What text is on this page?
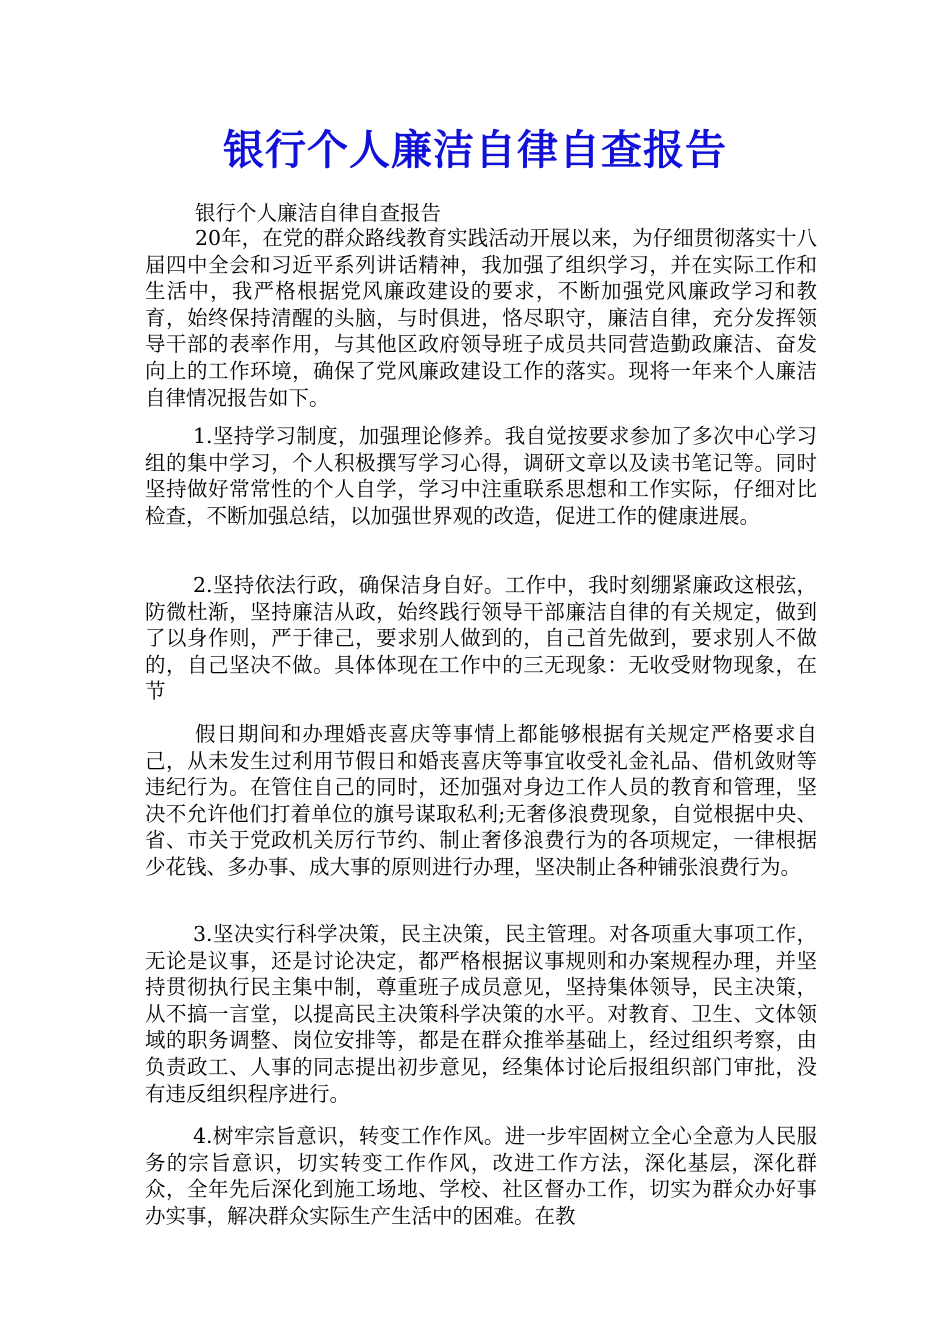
银行个人廉洁自律自查报告

银行个人廉洁自律自查报告

20年，在党的群众路线教育实践活动开展以来，为仔细贯彻落实十八届四中全会和习近平系列讲话精神，我加强了组织学习，并在实际工作和生活中，我严格根据党风廉政建设的要求，不断加强党风廉政学习和教育，始终保持清醒的头脑，与时俱进，恪尽职守，廉洁自律，充分发挥领导干部的表率作用，与其他区政府领导班子成员共同营造勤政廉洁、奋发向上的工作环境，确保了党风廉政建设工作的落实。现将一年来个人廉洁自律情况报告如下。

1.坚持学习制度，加强理论修养。我自觉按要求参加了多次中心学习组的集中学习，个人积极撰写学习心得，调研文章以及读书笔记等。同时坚持做好常常性的个人自学，学习中注重联系思想和工作实际，仔细对比检查，不断加强总结，以加强世界观的改造，促进工作的健康进展。

2.坚持依法行政，确保洁身自好。工作中，我时刻绷紧廉政这根弦，防微杜渐，坚持廉洁从政，始终践行领导干部廉洁自律的有关规定，做到了以身作则，严于律己，要求别人做到的，自己首先做到，要求别人不做的，自己坚决不做。具体体现在工作中的三无现象：无收受财物现象，在节

假日期间和办理婚丧喜庆等事情上都能够根据有关规定严格要求自己，从未发生过利用节假日和婚丧喜庆等事宜收受礼金礼品、借机敛财等违纪行为。在管住自己的同时，还加强对身边工作人员的教育和管理，坚决不允许他们打着单位的旗号谋取私利;无奢侈浪费现象，自觉根据中央、省、市关于党政机关厉行节约、制止奢侈浪费行为的各项规定，一律根据少花钱、多办事、成大事的原则进行办理，坚决制止各种铺张浪费行为。

3.坚决实行科学决策，民主决策，民主管理。对各项重大事项工作，无论是议事，还是讨论决定，都严格根据议事规则和办案规程办理，并坚持贯彻执行民主集中制，尊重班子成员意见，坚持集体领导，民主决策，从不搞一言堂，以提高民主决策科学决策的水平。对教育、卫生、文体领域的职务调整、岗位安排等，都是在群众推举基础上，经过组织考察，由负责政工、人事的同志提出初步意见，经集体讨论后报组织部门审批，没有违反组织程序进行。

4.树牢宗旨意识，转变工作作风。进一步牢固树立全心全意为人民服务的宗旨意识，切实转变工作作风，改进工作方法，深化基层，深化群众，全年先后深化到施工场地、学校、社区督办工作，切实为群众办好事办实事，解决群众实际生产生活中的困难。在教
